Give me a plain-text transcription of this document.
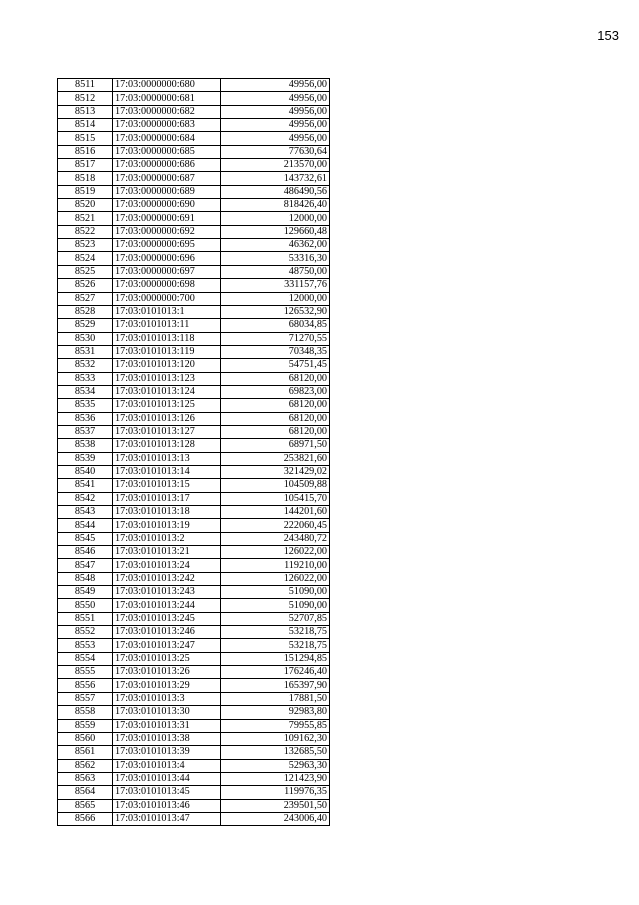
153
8511	17:03:0000000:680	49956,00
8512	17:03:0000000:681	49956,00
8513	17:03:0000000:682	49956,00
8514	17:03:0000000:683	49956,00
8515	17:03:0000000:684	49956,00
8516	17:03:0000000:685	77630,64
8517	17:03:0000000:686	213570,00
8518	17:03:0000000:687	143732,61
8519	17:03:0000000:689	486490,56
8520	17:03:0000000:690	818426,40
8521	17:03:0000000:691	12000,00
8522	17:03:0000000:692	129660,48
8523	17:03:0000000:695	46362,00
8524	17:03:0000000:696	53316,30
8525	17:03:0000000:697	48750,00
8526	17:03:0000000:698	331157,76
8527	17:03:0000000:700	12000,00
8528	17:03:0101013:1	126532,90
8529	17:03:0101013:11	68034,85
8530	17:03:0101013:118	71270,55
8531	17:03:0101013:119	70348,35
8532	17:03:0101013:120	54751,45
8533	17:03:0101013:123	68120,00
8534	17:03:0101013:124	69823,00
8535	17:03:0101013:125	68120,00
8536	17:03:0101013:126	68120,00
8537	17:03:0101013:127	68120,00
8538	17:03:0101013:128	68971,50
8539	17:03:0101013:13	253821,60
8540	17:03:0101013:14	321429,02
8541	17:03:0101013:15	104509,88
8542	17:03:0101013:17	105415,70
8543	17:03:0101013:18	144201,60
8544	17:03:0101013:19	222060,45
8545	17:03:0101013:2	243480,72
8546	17:03:0101013:21	126022,00
8547	17:03:0101013:24	119210,00
8548	17:03:0101013:242	126022,00
8549	17:03:0101013:243	51090,00
8550	17:03:0101013:244	51090,00
8551	17:03:0101013:245	52707,85
8552	17:03:0101013:246	53218,75
8553	17:03:0101013:247	53218,75
8554	17:03:0101013:25	151294,85
8555	17:03:0101013:26	176246,40
8556	17:03:0101013:29	165397,90
8557	17:03:0101013:3	17881,50
8558	17:03:0101013:30	92983,80
8559	17:03:0101013:31	79955,85
8560	17:03:0101013:38	109162,30
8561	17:03:0101013:39	132685,50
8562	17:03:0101013:4	52963,30
8563	17:03:0101013:44	121423,90
8564	17:03:0101013:45	119976,35
8565	17:03:0101013:46	239501,50
8566	17:03:0101013:47	243006,40
